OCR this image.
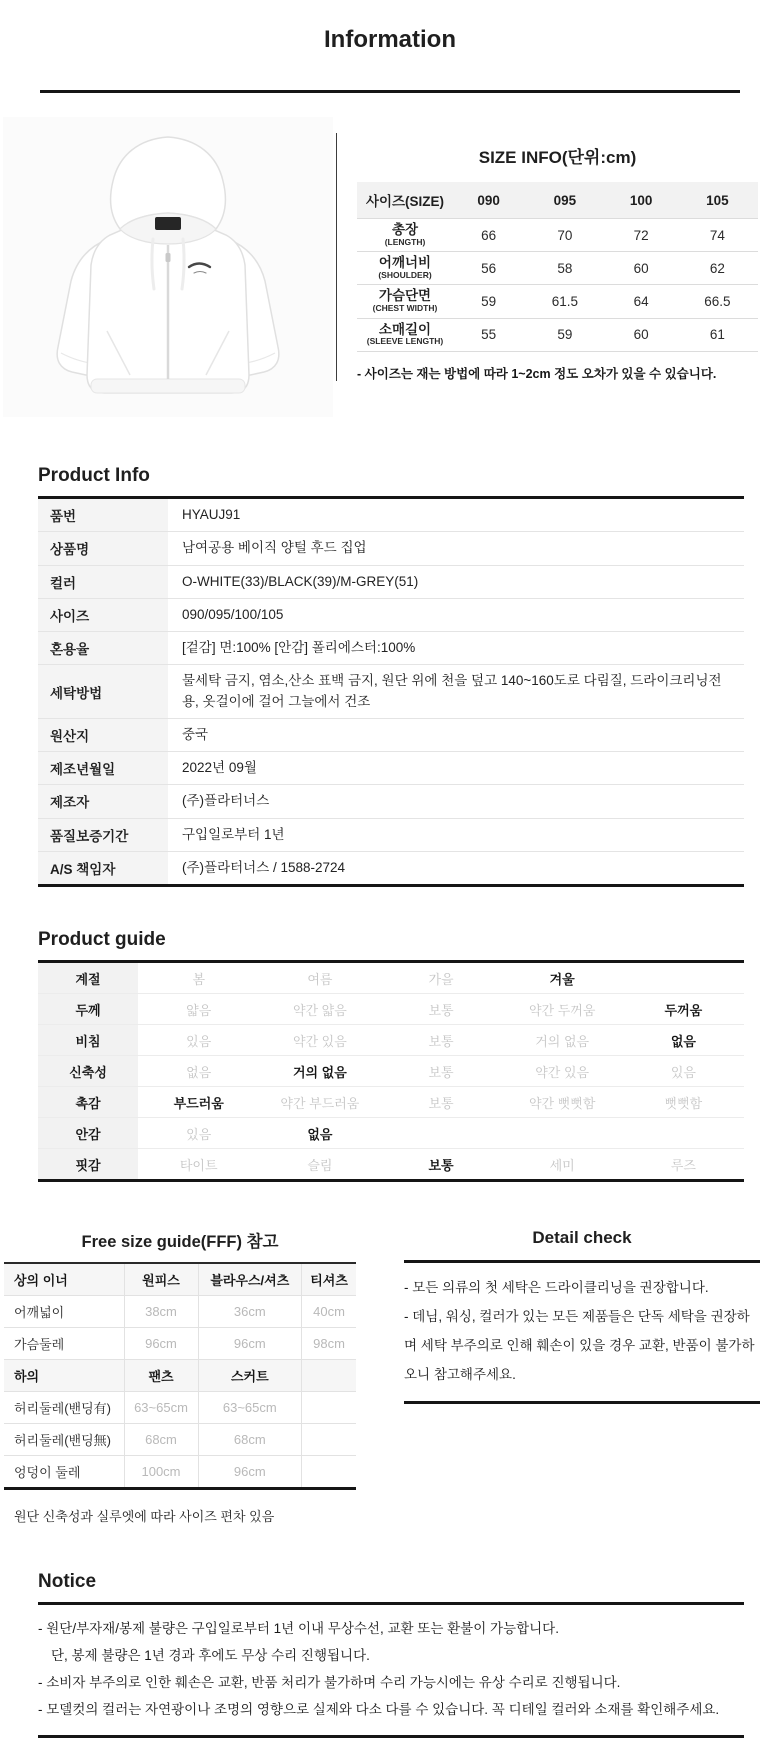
Information
SIZE INFO(단위:cm)
사이즈(SIZE)	090	095	100	105
총장
(LENGTH)	66	70	72	74
어깨너비
(SHOULDER)	56	58	60	62
가슴단면
(CHEST WIDTH)	59	61.5	64	66.5
소매길이
(SLEEVE LENGTH)	55	59	60	61
- 사이즈는 재는 방법에 따라 1~2cm 정도 오차가 있을 수 있습니다.
Product Info
품번	HYAUJ91
상품명	남여공용 베이직 양털 후드 집업
컬러	O-WHITE(33)/BLACK(39)/M-GREY(51)
사이즈	090/095/100/105
혼용율	[겉감] 면:100% [안감] 폴리에스터:100%
세탁방법	물세탁 금지, 염소,산소 표백 금지, 원단 위에 천을 덮고 140~160도로 다림질, 드라이크리닝전용, 옷걸이에 걸어 그늘에서 건조
원산지	중국
제조년월일	2022년 09월
제조자	(주)플라터너스
품질보증기간	구입일로부터 1년
A/S 책임자	(주)플라터너스 / 1588-2724
Product guide
계절	봄	여름	가을	겨울	
두께	얇음	약간 얇음	보통	약간 두꺼움	두꺼움
비침	있음	약간 있음	보통	거의 없음	없음
신축성	없음	거의 없음	보통	약간 있음	있음
촉감	부드러움	약간 부드러움	보통	약간 뻣뻣함	뻣뻣함
안감	있음	없음			
핏감	타이트	슬림	보통	세미	루즈
Free size guide(FFF) 참고
상의 이너	원피스	블라우스/셔츠	티셔츠
어깨넓이	38cm	36cm	40cm
가슴둘레	96cm	96cm	98cm
하의	팬츠	스커트	
허리둘레(밴딩有)	63~65cm	63~65cm	
허리둘레(밴딩無)	68cm	68cm	
엉덩이 둘레	100cm	96cm	
원단 신축성과 실루엣에 따라 사이즈 편차 있음
Detail check

- 모든 의류의 첫 세탁은 드라이클리닝을 권장합니다.

- 데님, 워싱, 컬러가 있는 모든 제품들은 단독 세탁을 권장하며 세탁 부주의로 인해 훼손이 있을 경우 교환, 반품이 불가하오니 참고해주세요.

Notice

- 원단/부자재/봉제 불량은 구입일로부터 1년 이내 무상수선, 교환 또는 환불이 가능합니다.

단, 봉제 불량은 1년 경과 후에도 무상 수리 진행됩니다.

- 소비자 부주의로 인한 훼손은 교환, 반품 처리가 불가하며 수리 가능시에는 유상 수리로 진행됩니다.

- 모델컷의 컬러는 자연광이나 조명의 영향으로 실제와 다소 다를 수 있습니다. 꼭 디테일 컬러와 소재를 확인해주세요.
